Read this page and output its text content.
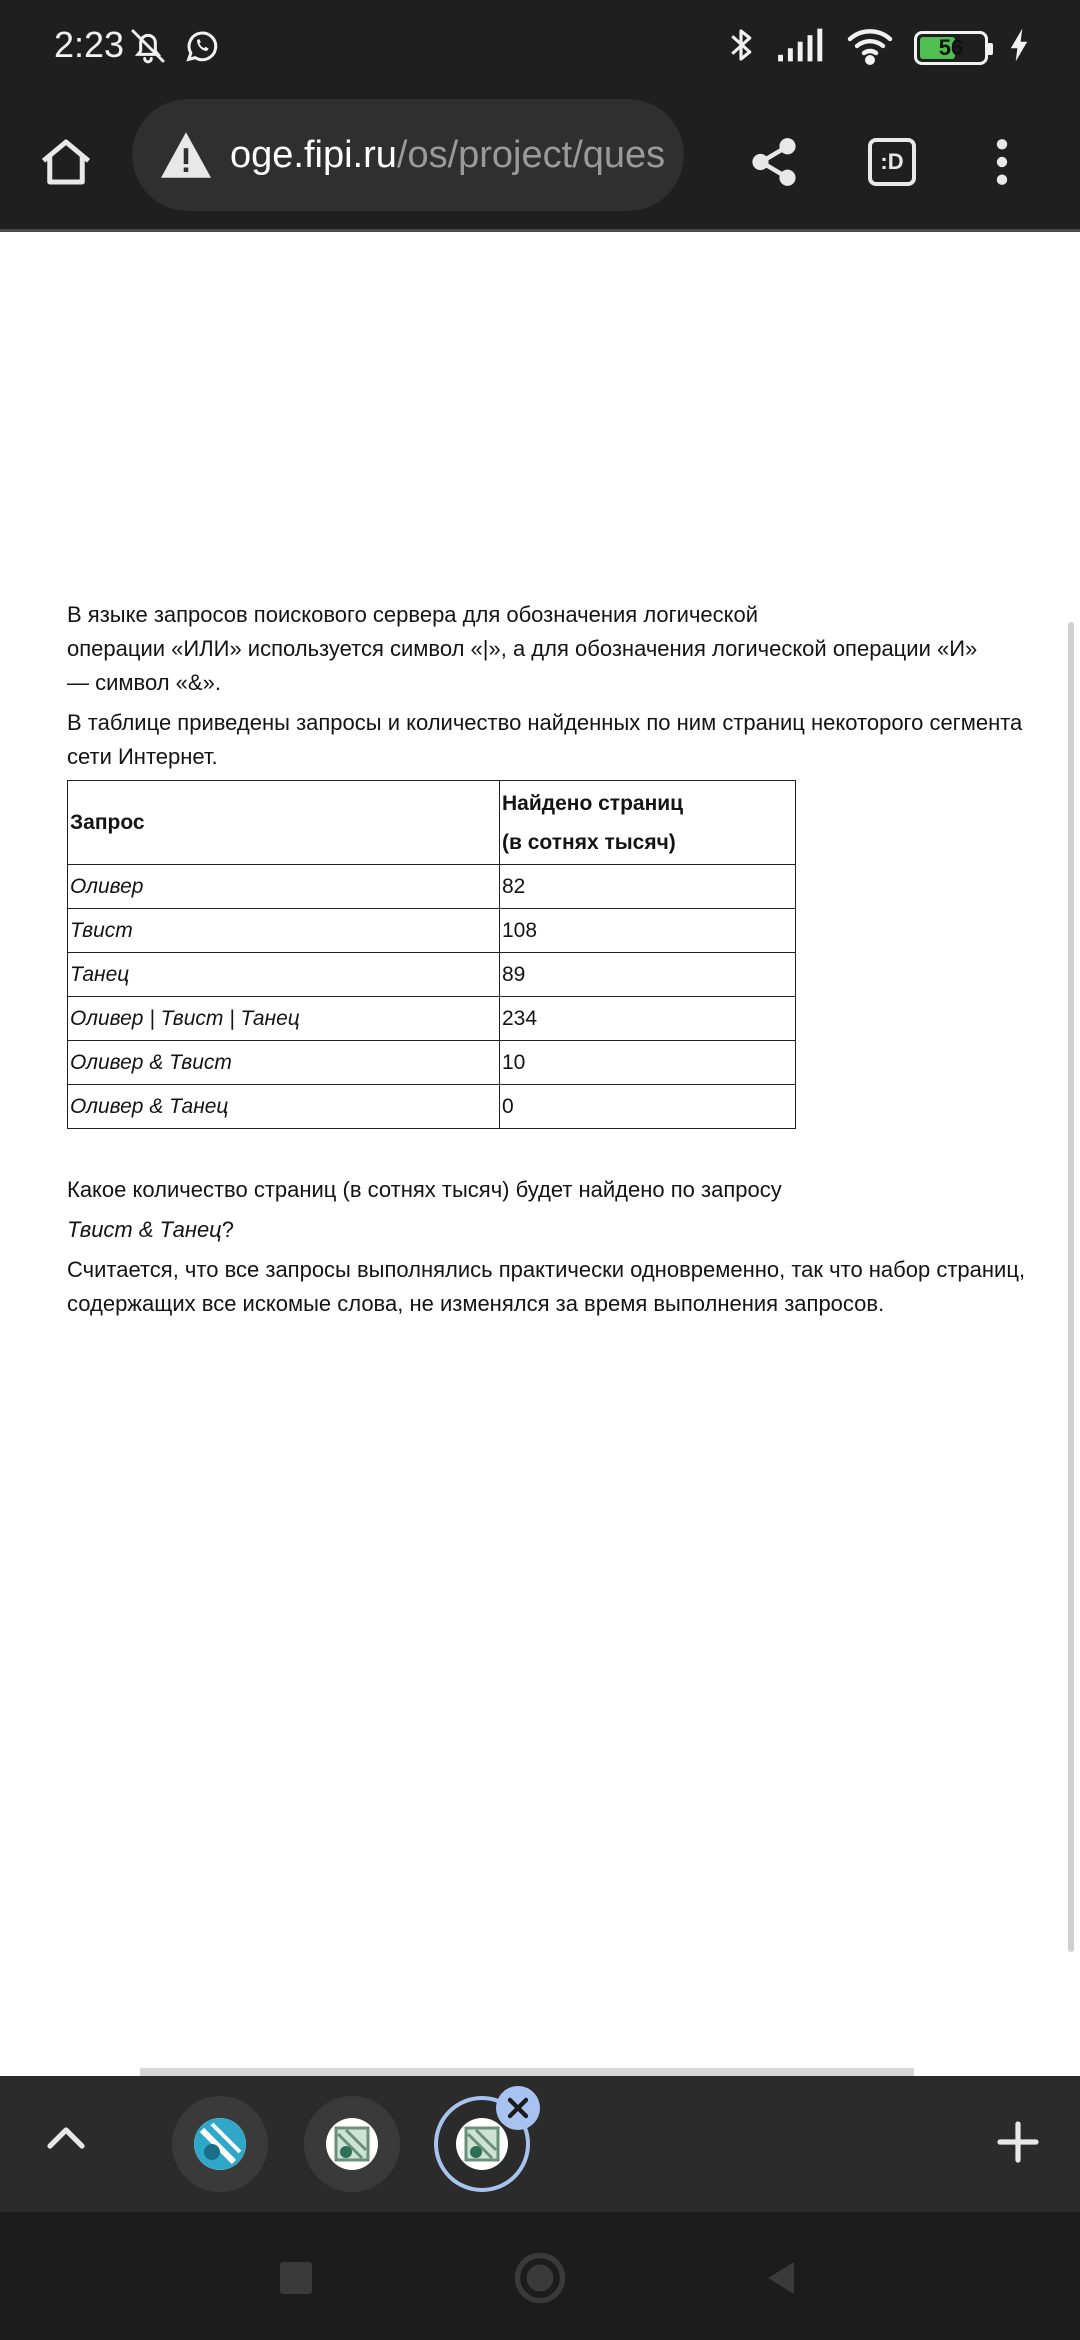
2:23	56
oge.fipi.ru/os/project/ques	:D

В языке запросов поискового сервера для обозначения логической
операции «ИЛИ» используется символ «|», а для обозначения логической операции «И»
— символ «&».

В таблице приведены запросы и количество найденных по ним страниц некоторого сегмента сети Интернет.

Запрос	Найдено страниц
(в сотнях тысяч)
Оливер	82
Твист	108
Танец	89
Оливер | Твист | Танец	234
Оливер & Твист	10
Оливер & Танец	0

Какое количество страниц (в сотнях тысяч) будет найдено по запросу

Твист & Танец?

Считается, что все запросы выполнялись практически одновременно, так что набор страниц, содержащих все искомые слова, не изменялся за время выполнения запросов.
